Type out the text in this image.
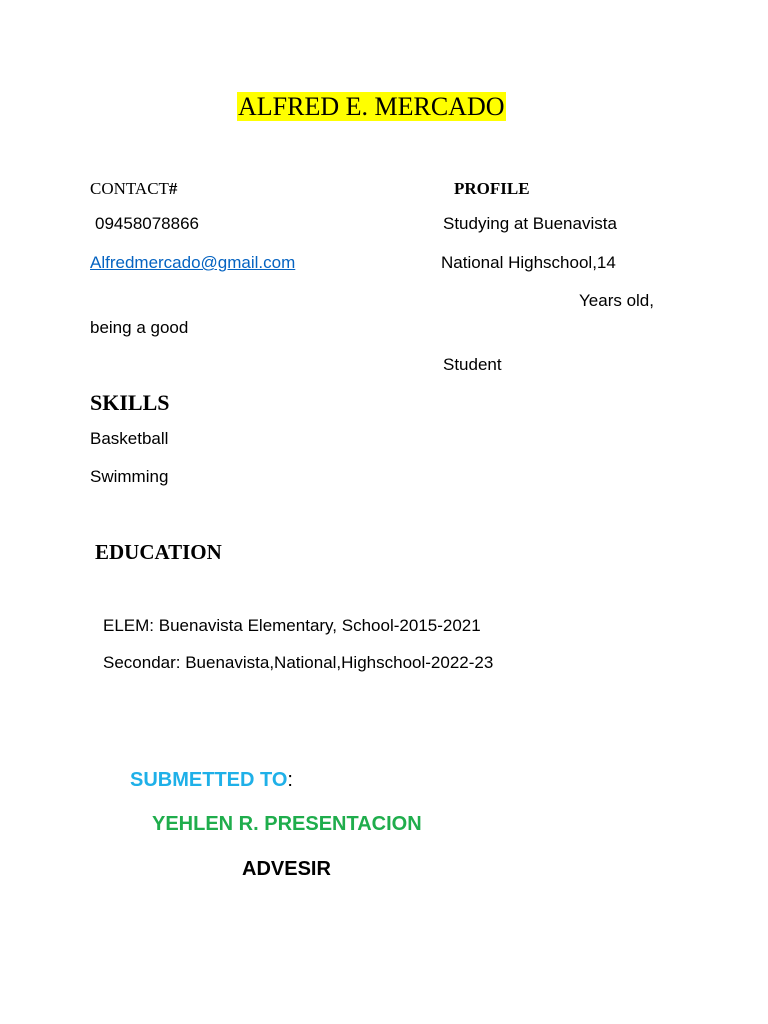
ALFRED E. MERCADO
CONTACT#	PROFILE
09458078866
Alfredmercado@gmail.com
Studying at Buenavista
National Highschool,14
Years old,
being a good
Student
SKILLS
Basketball
Swimming
EDUCATION
ELEM: Buenavista Elementary, School-2015-2021
Secondar: Buenavista,National,Highschool-2022-23
SUBMETTED TO:
YEHLEN R. PRESENTACION
ADVESIR
